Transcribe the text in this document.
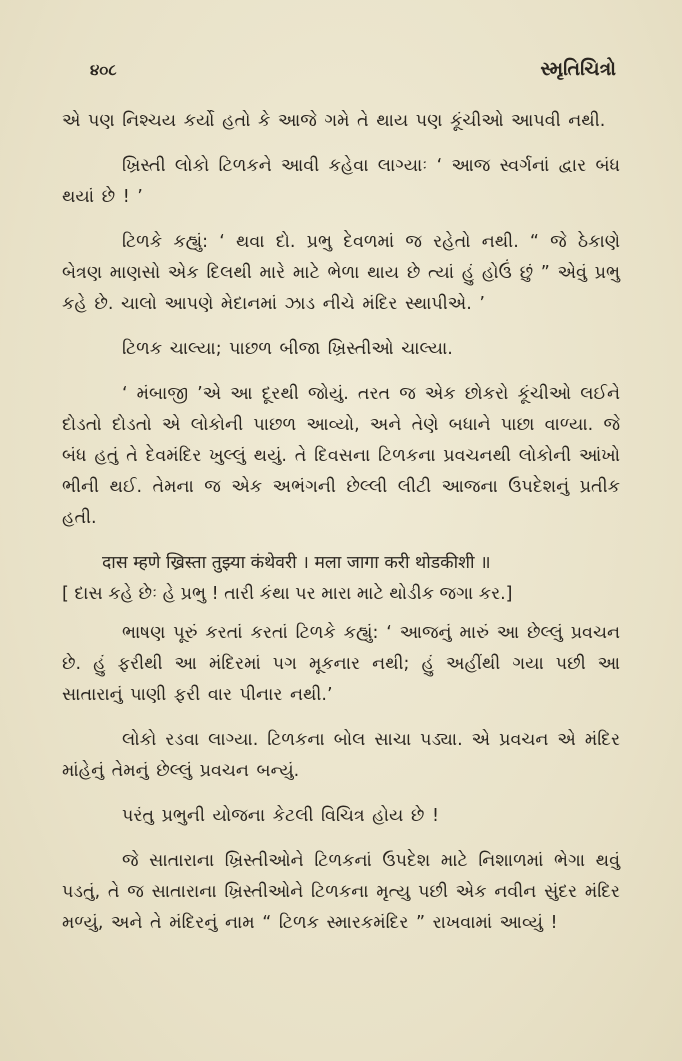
૪૦૮	સ્મૃતિચિત્રો

એ પણ નિશ્ચય કર્યો હતો કે આજે ગમે તે થાય પણ કૂંચીઓ આપવી નથી.

ખ્રિસ્તી લોકો ટિળકને આવી કહેવા લાગ્યાઃ ‘ આજ સ્વર્ગનાં દ્વાર બંધ થયાં છે ! ’

ટિળકે કહ્યું: ‘ થવા દો. પ્રભુ દેવળમાં જ રહેતો નથી. “ જે ઠેકાણે બેત્રણ માણસો એક દિલથી મારે માટે ભેળા થાય છે ત્યાં હું હોઉં છું ” એવું પ્રભુ કહે છે. ચાલો આપણે મેદાનમાં ઝાડ નીચે મંદિર સ્થાપીએ. ’

ટિળક ચાલ્યા; પાછળ બીજા ખ્રિસ્તીઓ ચાલ્યા.

‘ મંબાજી ’એ આ દૂરથી જોયું. તરત જ એક છોકરો કૂંચીઓ લઈને દોડતો દોડતો એ લોકોની પાછળ આવ્યો, અને તેણે બધાને પાછા વાળ્યા. જે બંધ હતું તે દેવમંદિર ખુલ્લું થયું. તે દિવસના ટિળકના પ્રવચનથી લોકોની આંખો ભીની થઈ. તેમના જ એક અભંગની છેલ્લી લીટી આજના ઉપદેશનું પ્રતીક હતી.

दास म्हणे ख्रिस्ता तुझ्या कंथेवरी । मला जागा करी थोडकीशी ॥

[ દાસ કહે છેઃ હે પ્રભુ ! તારી કંથા પર મારા માટે થોડીક જગા કર.]

ભાષણ પૂરું કરતાં કરતાં ટિળકે કહ્યું: ‘ આજનું મારું આ છેલ્લું પ્રવચન છે. હું ફરીથી આ મંદિરમાં પગ મૂકનાર નથી; હું અહીંથી ગયા પછી આ સાતારાનું પાણી ફરી વાર પીનાર નથી.’

લોકો રડવા લાગ્યા. ટિળકના બોલ સાચા પડ્યા. એ પ્રવચન એ મંદિર માંહેનું તેમનું છેલ્લું પ્રવચન બન્યું.

પરંતુ પ્રભુની યોજના કેટલી વિચિત્ર હોય છે !

જે સાતારાના ખ્રિસ્તીઓને ટિળકનાં ઉપદેશ માટે નિશાળમાં ભેગા થવું પડતું, તે જ સાતારાના ખ્રિસ્તીઓને ટિળકના મૃત્યુ પછી એક નવીન સુંદર મંદિર મળ્યું, અને તે મંદિરનું નામ “ ટિળક સ્મારકમંદિર ” રાખવામાં આવ્યું !
